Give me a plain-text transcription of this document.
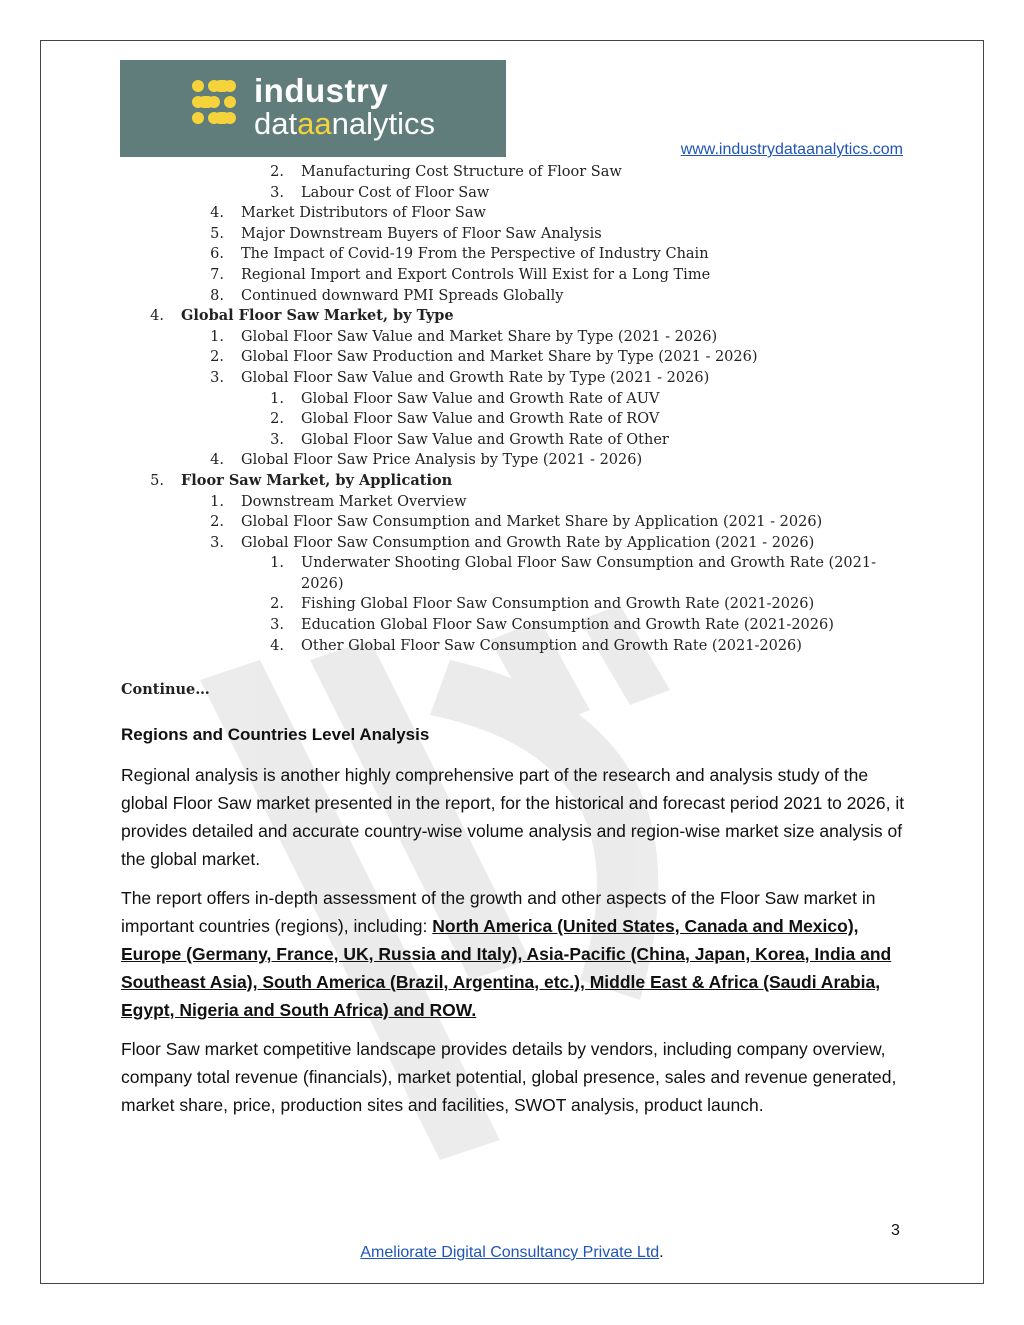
industry
dataanalytics
www.industrydataanalytics.com
2. Manufacturing Cost Structure of Floor Saw
3. Labour Cost of Floor Saw
4. Market Distributors of Floor Saw
5. Major Downstream Buyers of Floor Saw Analysis
6. The Impact of Covid-19 From the Perspective of Industry Chain
7. Regional Import and Export Controls Will Exist for a Long Time
8. Continued downward PMI Spreads Globally
4. Global Floor Saw Market, by Type
1. Global Floor Saw Value and Market Share by Type (2021 - 2026)
2. Global Floor Saw Production and Market Share by Type (2021 - 2026)
3. Global Floor Saw Value and Growth Rate by Type (2021 - 2026)
1. Global Floor Saw Value and Growth Rate of AUV
2. Global Floor Saw Value and Growth Rate of ROV
3. Global Floor Saw Value and Growth Rate of Other
4. Global Floor Saw Price Analysis by Type (2021 - 2026)
5. Floor Saw Market, by Application
1. Downstream Market Overview
2. Global Floor Saw Consumption and Market Share by Application (2021 - 2026)
3. Global Floor Saw Consumption and Growth Rate by Application (2021 - 2026)
1. Underwater Shooting Global Floor Saw Consumption and Growth Rate (2021-2026)
2. Fishing Global Floor Saw Consumption and Growth Rate (2021-2026)
3. Education Global Floor Saw Consumption and Growth Rate (2021-2026)
4. Other Global Floor Saw Consumption and Growth Rate (2021-2026)
Continue…
Regions and Countries Level Analysis
Regional analysis is another highly comprehensive part of the research and analysis study of the global Floor Saw market presented in the report, for the historical and forecast period 2021 to 2026, it provides detailed and accurate country-wise volume analysis and region-wise market size analysis of the global market.
The report offers in-depth assessment of the growth and other aspects of the Floor Saw market in important countries (regions), including: North America (United States, Canada and Mexico), Europe (Germany, France, UK, Russia and Italy), Asia-Pacific (China, Japan, Korea, India and Southeast Asia), South America (Brazil, Argentina, etc.), Middle East & Africa (Saudi Arabia, Egypt, Nigeria and South Africa) and ROW.
Floor Saw market competitive landscape provides details by vendors, including company overview, company total revenue (financials), market potential, global presence, sales and revenue generated, market share, price, production sites and facilities, SWOT analysis, product launch.
3
Ameliorate Digital Consultancy Private Ltd.
